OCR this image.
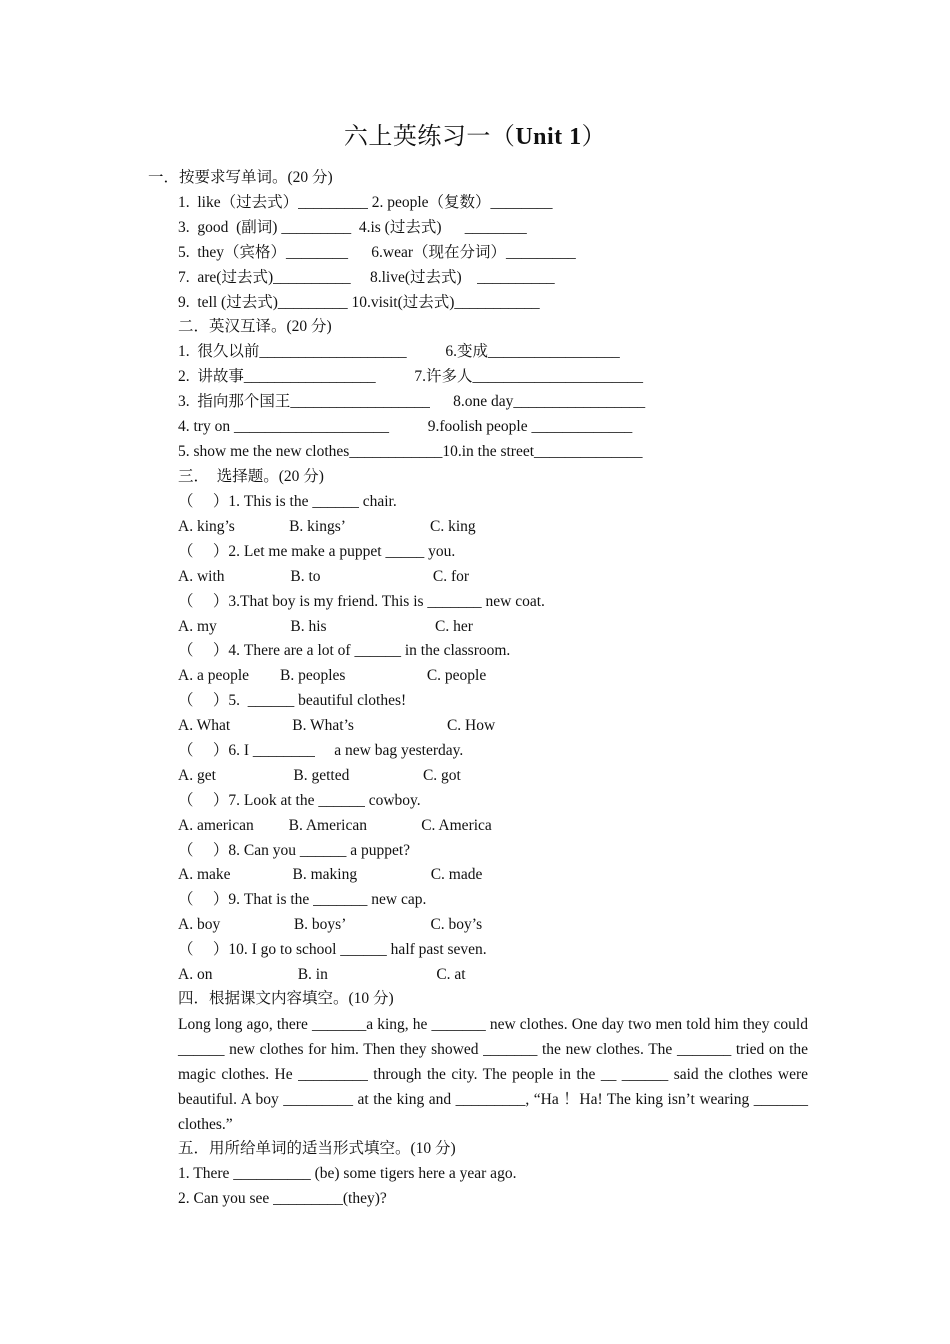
六上英练习一（Unit 1）
一．按要求写单词。(20 分)
1.  like（过去式）_________ 2. people（复数）________
3.  good  (副词) _________  4.is (过去式)      ________
5.  they（宾格）________      6.wear（现在分词）_________
7.  are(过去式)__________     8.live(过去式)    __________
9.  tell (过去式)_________ 10.visit(过去式)___________
二．英汉互译。(20 分)
1.  很久以前___________________          6.变成_________________
2.  讲故事_________________          7.许多人______________________
3.  指向那个国王__________________      8.one day_________________
4. try on ____________________          9.foolish people _____________
5. show me the new clothes____________10.in the street______________
三．  选择题。(20 分)
（     ）1. This is the ______ chair.
A. king’s              B. kings’                      C. king
（     ）2. Let me make a puppet _____ you.
A. with                 B. to                             C. for
（     ）3.That boy is my friend. This is _______ new coat.
A. my                   B. his                            C. her
（     ）4. There are a lot of ______ in the classroom.
A. a people        B. peoples                     C. people
（     ）5.  ______ beautiful clothes!
A. What                B. What’s                        C. How
（     ）6. I ________     a new bag yesterday.
A. get                    B. getted                   C. got
（     ）7. Look at the ______ cowboy.
A. american         B. American              C. America
（     ）8. Can you ______ a puppet?
A. make                B. making                   C. made
（     ）9. That is the _______ new cap.
A. boy                   B. boys’                      C. boy’s
（     ）10. I go to school ______ half past seven.
A. on                      B. in                            C. at
四．根据课文内容填空。(10 分)
Long long ago, there _______a king, he _______ new clothes. One day two men told him they could ______ new clothes for him. Then they showed _______ the new clothes. The _______ tried on the magic clothes. He _________ through the city. The people in the __ ______ said the clothes were beautiful. A boy _________ at the king and _________, “Ha ！Ha! The king isn’t wearing _______ clothes.”
五．用所给单词的适当形式填空。(10 分)
1. There __________ (be) some tigers here a year ago.
2. Can you see _________(they)?
